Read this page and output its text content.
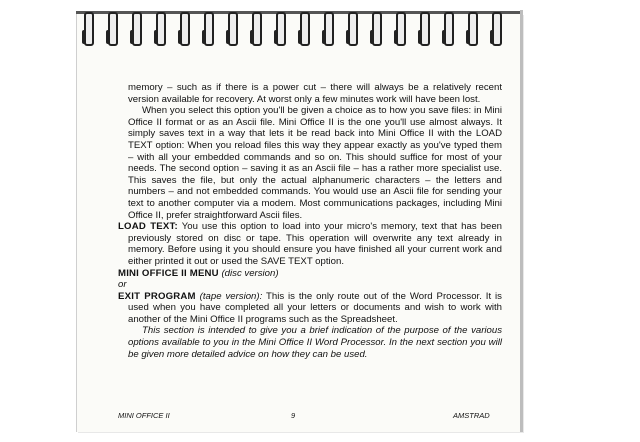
memory – such as if there is a power cut – there will always be a relatively recent version available for recovery. At worst only a few minutes work will have been lost.

When you select this option you'll be given a choice as to how you save files: in Mini Office II format or as an Ascii file. Mini Office II is the one you'll use almost always. It simply saves text in a way that lets it be read back into Mini Office II with the LOAD TEXT option: When you reload files this way they appear exactly as you've typed them – with all your embedded commands and so on. This should suffice for most of your needs. The second option – saving it as an Ascii file – has a rather more specialist use. This saves the file, but only the actual alphanumeric characters – the letters and numbers – and not embedded commands. You would use an Ascii file for sending your text to another computer via a modem. Most communications packages, including Mini Office II, prefer straightforward Ascii files.

LOAD TEXT: You use this option to load into your micro's memory, text that has been previously stored on disc or tape. This operation will overwrite any text already in memory. Before using it you should ensure you have finished all your current work and either printed it out or used the SAVE TEXT option.

MINI OFFICE II MENU (disc version)

or

EXIT PROGRAM (tape version): This is the only route out of the Word Processor. It is used when you have completed all your letters or documents and wish to work with another of the Mini Office II programs such as the Spreadsheet.

This section is intended to give you a brief indication of the purpose of the various options available to you in the Mini Office II Word Processor. In the next section you will be given more detailed advice on how they can be used.

MINI OFFICE II	9	AMSTRAD
